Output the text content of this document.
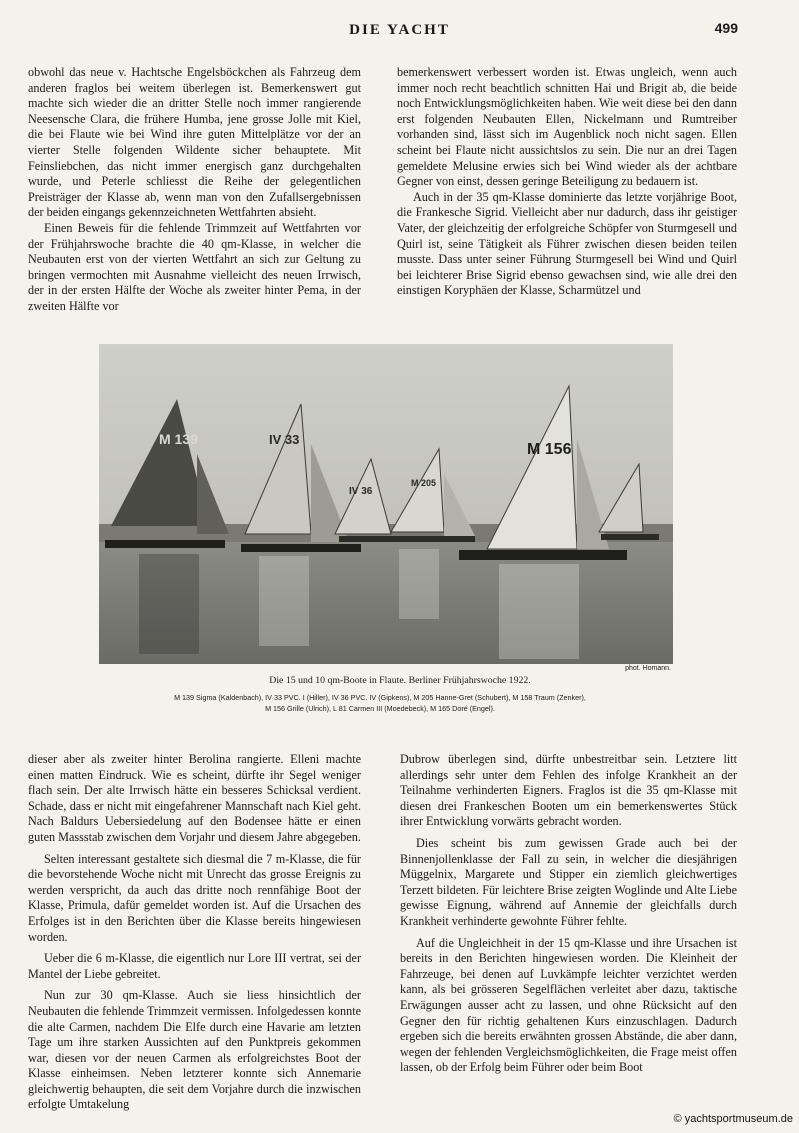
DIE YACHT	499

obwohl das neue v. Hachtsche Engelsböckchen als Fahrzeug dem anderen fraglos bei weitem überlegen ist. Bemerkenswert gut machte sich wieder die an dritter Stelle noch immer rangierende Neesensche Clara, die frühere Humba, jene grosse Jolle mit Kiel, die bei Flaute wie bei Wind ihre guten Mittelplätze vor der an vierter Stelle folgenden Wildente sicher behauptete. Mit Feinsliebchen, das nicht immer energisch ganz durchgehalten wurde, und Peterle schliesst die Reihe der gelegentlichen Preisträger der Klasse ab, wenn man von den Zufallsergebnissen der beiden eingangs gekennzeichneten Wettfahrten absieht.

Einen Beweis für die fehlende Trimmzeit auf Wettfahrten vor der Frühjahrswoche brachte die 40 qm-Klasse, in welcher die Neubauten erst von der vierten Wettfahrt an sich zur Geltung zu bringen vermochten mit Ausnahme vielleicht des neuen Irrwisch, der in der ersten Hälfte der Woche als zweiter hinter Pema, in der zweiten Hälfte vor

bemerkenswert verbessert worden ist. Etwas ungleich, wenn auch immer noch recht beachtlich schnitten Hai und Brigit ab, die beide noch Entwicklungsmöglichkeiten haben. Wie weit diese bei den dann erst folgenden Neubauten Ellen, Nickelmann und Rumtreiber vorhanden sind, lässt sich im Augenblick noch nicht sagen. Ellen scheint bei Flaute nicht aussichtslos zu sein. Die nur an drei Tagen gemeldete Melusine erwies sich bei Wind wieder als der achtbare Gegner von einst, dessen geringe Beteiligung zu bedauern ist.

Auch in der 35 qm-Klasse dominierte das letzte vorjährige Boot, die Frankesche Sigrid. Vielleicht aber nur dadurch, dass ihr geistiger Vater, der gleichzeitig der erfolgreiche Schöpfer von Sturmgesell und Quirl ist, seine Tätigkeit als Führer zwischen diesen beiden teilen musste. Dass unter seiner Führung Sturmgesell bei Wind und Quirl bei leichterer Brise Sigrid ebenso gewachsen sind, wie alle drei den einstigen Koryphäen der Klasse, Scharmützel und

M 139	IV 33
IV 36
M 205
M 156
phot. Homann.
Die 15 und 10 qm-Boote in Flaute. Berliner Frühjahrswoche 1922.
M 139 Sigma (Kaldenbach), IV 33 PVC. I (Hiller), IV 36 PVC. IV (Gipkens), M 205 Hanne-Gret (Schubert), M 158 Traum (Zenker),
M 156 Grille (Ulrich), L 81 Carmen III (Moedebeck), M 165 Doré (Engel).

dieser aber als zweiter hinter Berolina rangierte. Elleni machte einen matten Eindruck. Wie es scheint, dürfte ihr Segel weniger flach sein. Der alte Irrwisch hätte ein besseres Schicksal verdient. Schade, dass er nicht mit eingefahrener Mannschaft nach Kiel geht. Nach Baldurs Uebersiedelung auf den Bodensee hätte er einen guten Massstab zwischen dem Vorjahr und diesem Jahre abgegeben.

Selten interessant gestaltete sich diesmal die 7 m-Klasse, die für die bevorstehende Woche nicht mit Unrecht das grosse Ereignis zu werden verspricht, da auch das dritte noch rennfähige Boot der Klasse, Primula, dafür gemeldet worden ist. Auf die Ursachen des Erfolges ist in den Berichten über die Klasse bereits hingewiesen worden.

Ueber die 6 m-Klasse, die eigentlich nur Lore III vertrat, sei der Mantel der Liebe gebreitet.

Nun zur 30 qm-Klasse. Auch sie liess hinsichtlich der Neubauten die fehlende Trimmzeit vermissen. Infolgedessen konnte die alte Carmen, nachdem Die Elfe durch eine Havarie am letzten Tage um ihre starken Aussichten auf den Punktpreis gekommen war, diesen vor der neuen Carmen als erfolgreichstes Boot der Klasse einheimsen. Neben letzterer konnte sich Annemarie gleichwertig behaupten, die seit dem Vorjahre durch die inzwischen erfolgte Umtakelung

Dubrow überlegen sind, dürfte unbestreitbar sein. Letztere litt allerdings sehr unter dem Fehlen des infolge Krankheit an der Teilnahme verhinderten Eigners. Fraglos ist die 35 qm-Klasse mit diesen drei Frankeschen Booten um ein bemerkenswertes Stück ihrer Entwicklung vorwärts gebracht worden.

Dies scheint bis zum gewissen Grade auch bei der Binnenjollenklasse der Fall zu sein, in welcher die diesjährigen Müggelnix, Margarete und Stipper ein ziemlich gleichwertiges Terzett bildeten. Für leichtere Brise zeigten Woglinde und Alte Liebe gewisse Eignung, während auf Annemie der gleichfalls durch Krankheit verhinderte gewohnte Führer fehlte.

Auf die Ungleichheit in der 15 qm-Klasse und ihre Ursachen ist bereits in den Berichten hingewiesen worden. Die Kleinheit der Fahrzeuge, bei denen auf Luvkämpfe leichter verzichtet werden kann, als bei grösseren Segelflächen verleitet aber dazu, taktische Erwägungen ausser acht zu lassen, und ohne Rücksicht auf den Gegner den für richtig gehaltenen Kurs einzuschlagen. Dadurch ergeben sich die bereits erwähnten grossen Abstände, die aber dann, wegen der fehlenden Vergleichsmöglichkeiten, die Frage meist offen lassen, ob der Erfolg beim Führer oder beim Boot

© yachtsportmuseum.de
